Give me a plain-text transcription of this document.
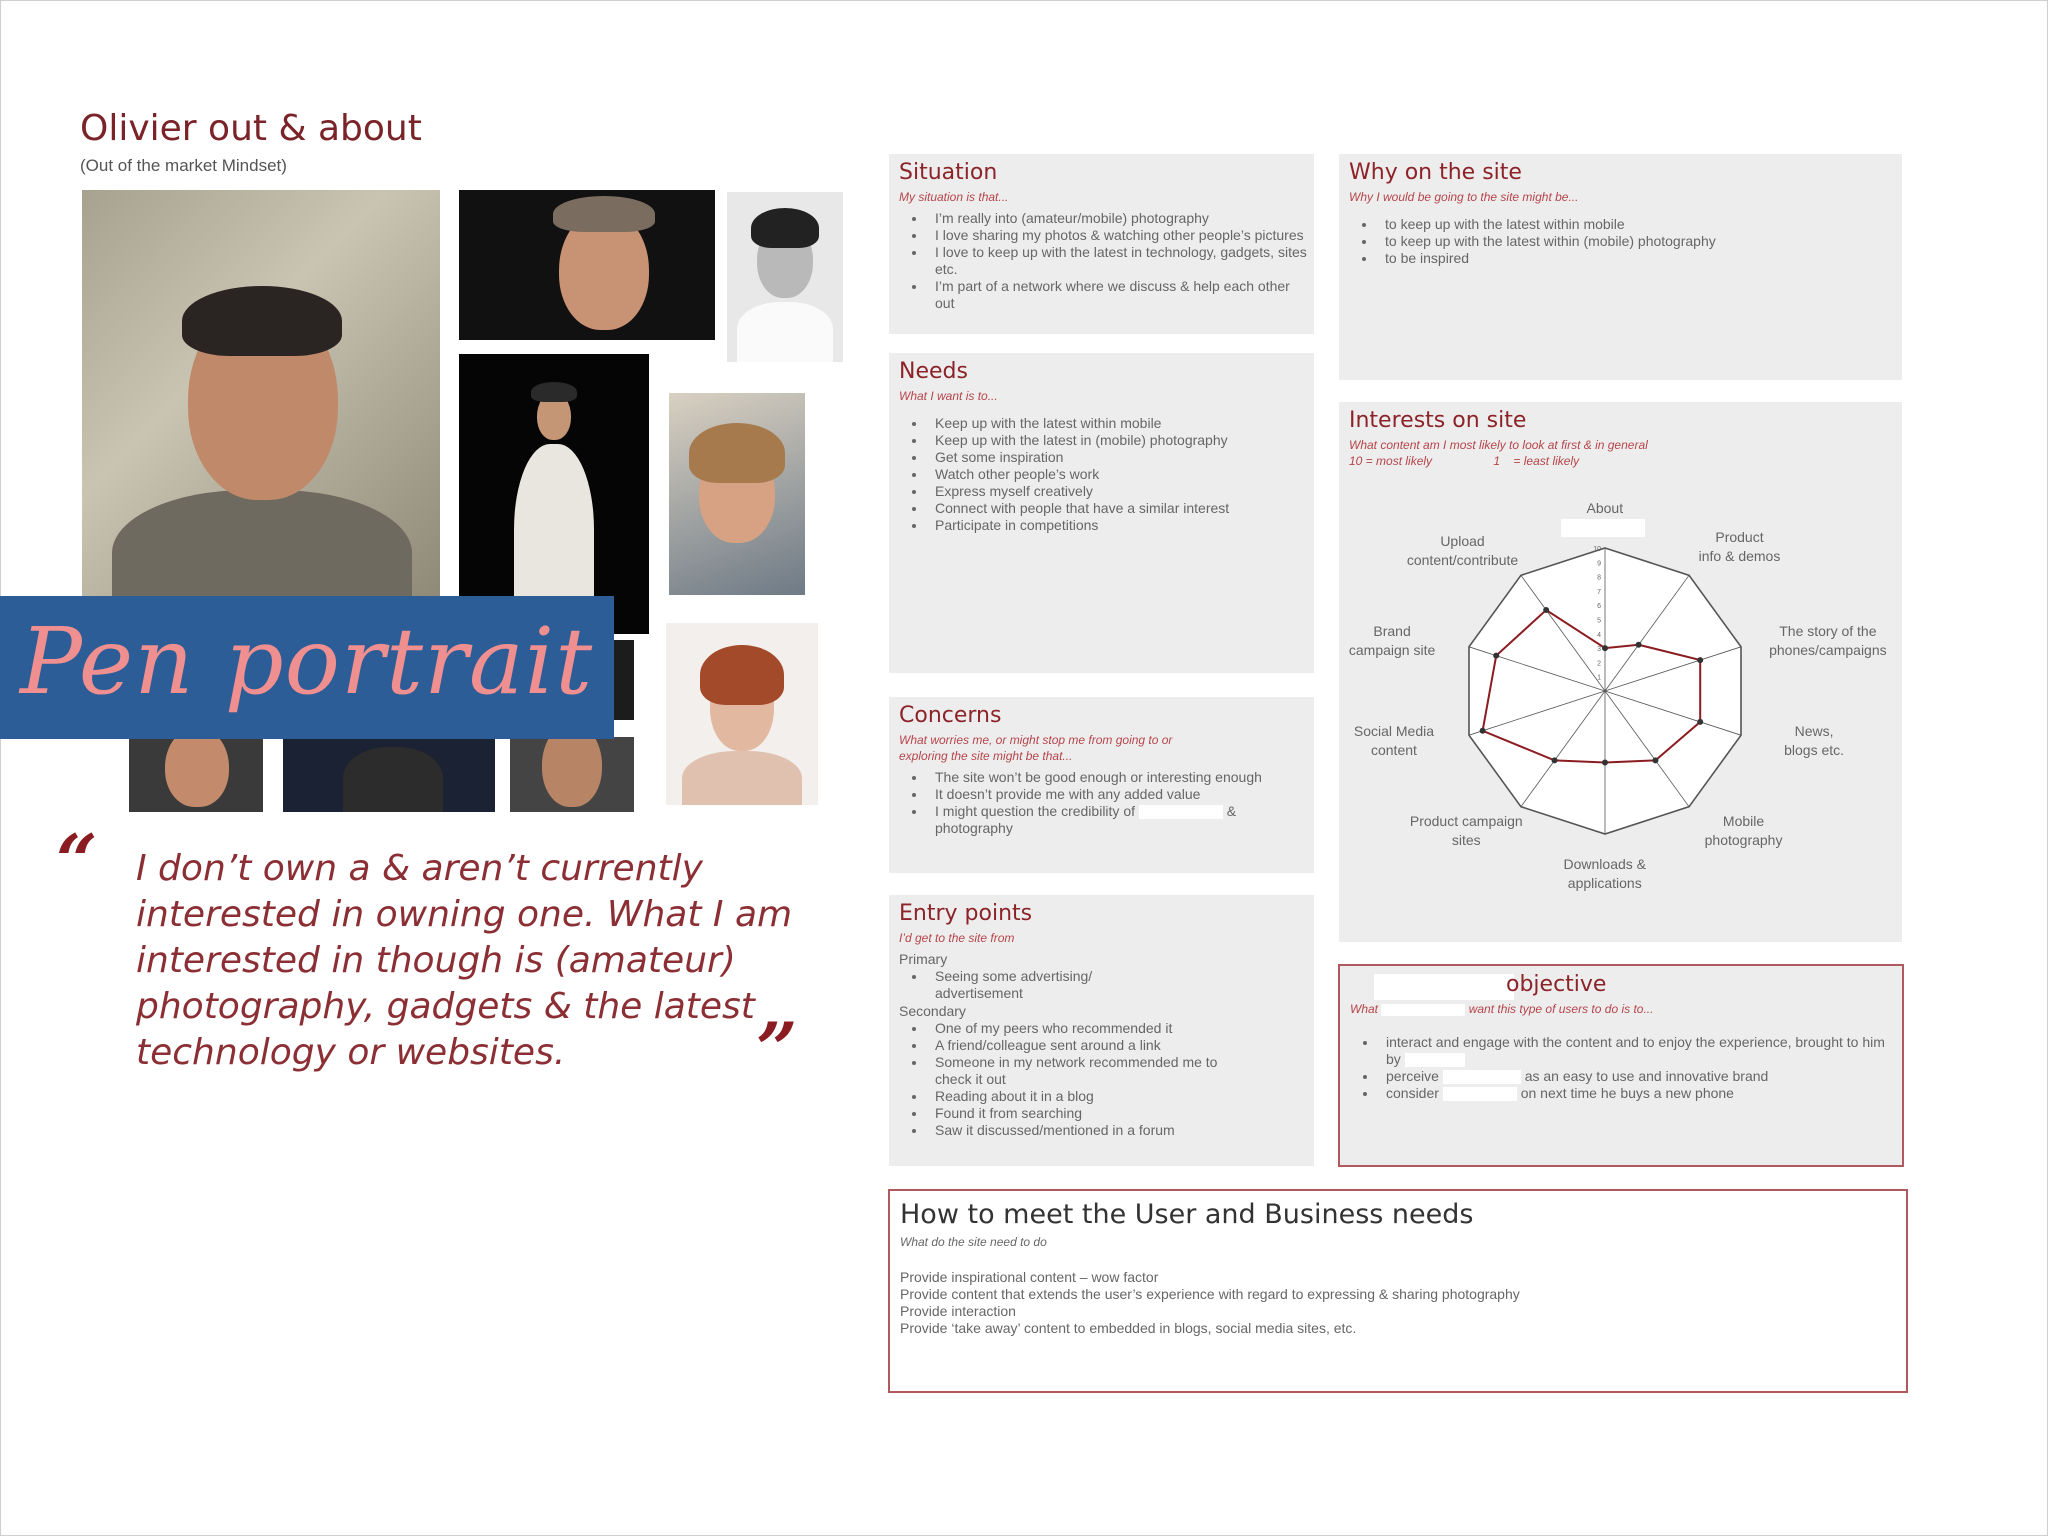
Olivier out & about
(Out of the market Mindset)
Pen portrait
“ I don’t own a & aren’t currently interested in owning one. What I am interested in though is (amateur) photography, gadgets & the latest technology or websites.	”
Situation
My situation is that...
• I’m really into (amateur/mobile) photography
• I love sharing my photos & watching other people’s pictures
• I love to keep up with the latest in technology, gadgets, sites etc.
• I’m part of a network where we discuss & help each other out
Why on the site
Why I would be going to the site might be...
• to keep up with the latest within mobile
• to keep up with the latest within (mobile) photography
• to be inspired
Needs
What I want is to...
• Keep up with the latest within mobile
• Keep up with the latest in (mobile) photography
• Get some inspiration
• Watch other people’s work
• Express myself creatively
• Connect with people that have a similar interest
• Participate in competitions
Interests on site
What content am I most likely to look at first & in general
10 = most likely	1 = least likely
1
2
3
4
5
6
7
8
9
10
About
Product
info & demos
The story of the
phones/campaigns
News,
blogs etc.
Mobile
photography
Downloads &
applications
Product campaign
sites
Social Media
content
Brand
campaign site
Upload
content/contribute
Concerns
What worries me, or might stop me from going to or
exploring the site might be that...
• The site won’t be good enough or interesting enough
• It doesn’t provide me with any added value
• I might question the credibility of	&
photography
Entry points
I’d get to the site from
Primary
• Seeing some advertising/ advertisement
Secondary
• One of my peers who recommended it
• A friend/colleague sent around a link
• Someone in my network recommended me to check it out
• Reading about it in a blog
• Found it from searching
• Saw it discussed/mentioned in a forum
objective
What	want this type of users to do is to...
• interact and engage with the content and to enjoy the experience, brought to him by
• perceive	as an easy to use and innovative brand
• consider	on next time he buys a new phone
How to meet the User and Business needs
What do the site need to do
Provide inspirational content – wow factor
Provide content that extends the user’s experience with regard to expressing & sharing photography
Provide interaction
Provide ‘take away’ content to embedded in blogs, social media sites, etc.
